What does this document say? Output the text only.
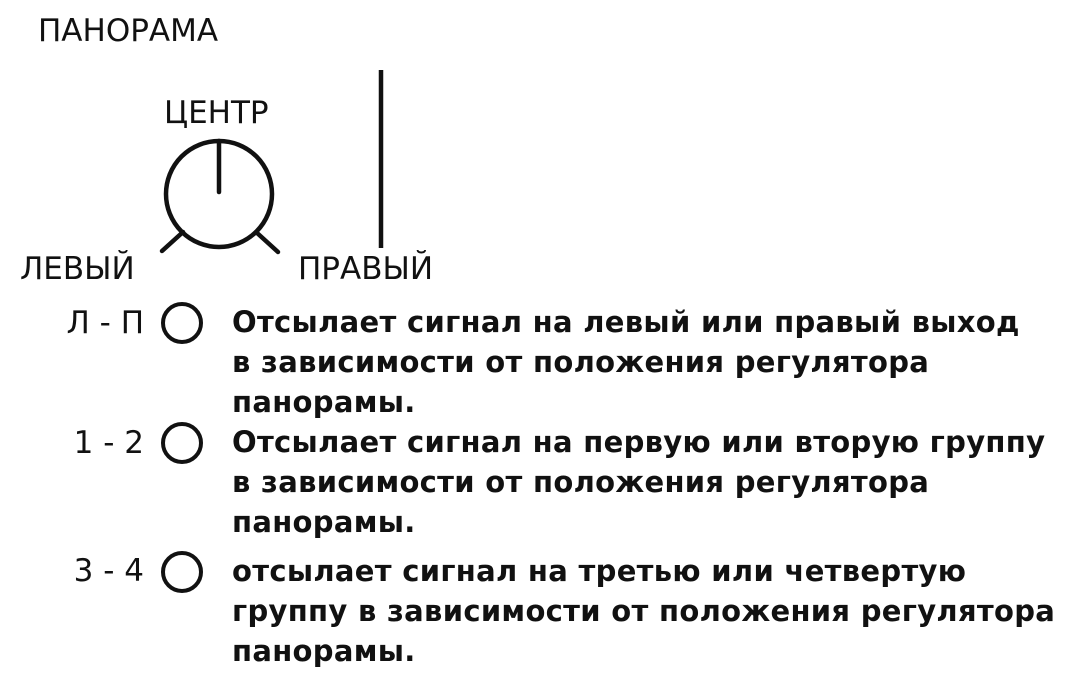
ПАНОРАМА
ЦЕНТР
ЛЕВЫЙ	ПРАВЫЙ
Л - П	Отсылает сигнал на левый или правый выход
в зависимости от положения регулятора
панорамы.
1 - 2	Отсылает сигнал на первую или вторую группу
в зависимости от положения регулятора
панорамы.
3 - 4	отсылает сигнал на третью или четвертую
группу в зависимости от положения регулятора
панорамы.
